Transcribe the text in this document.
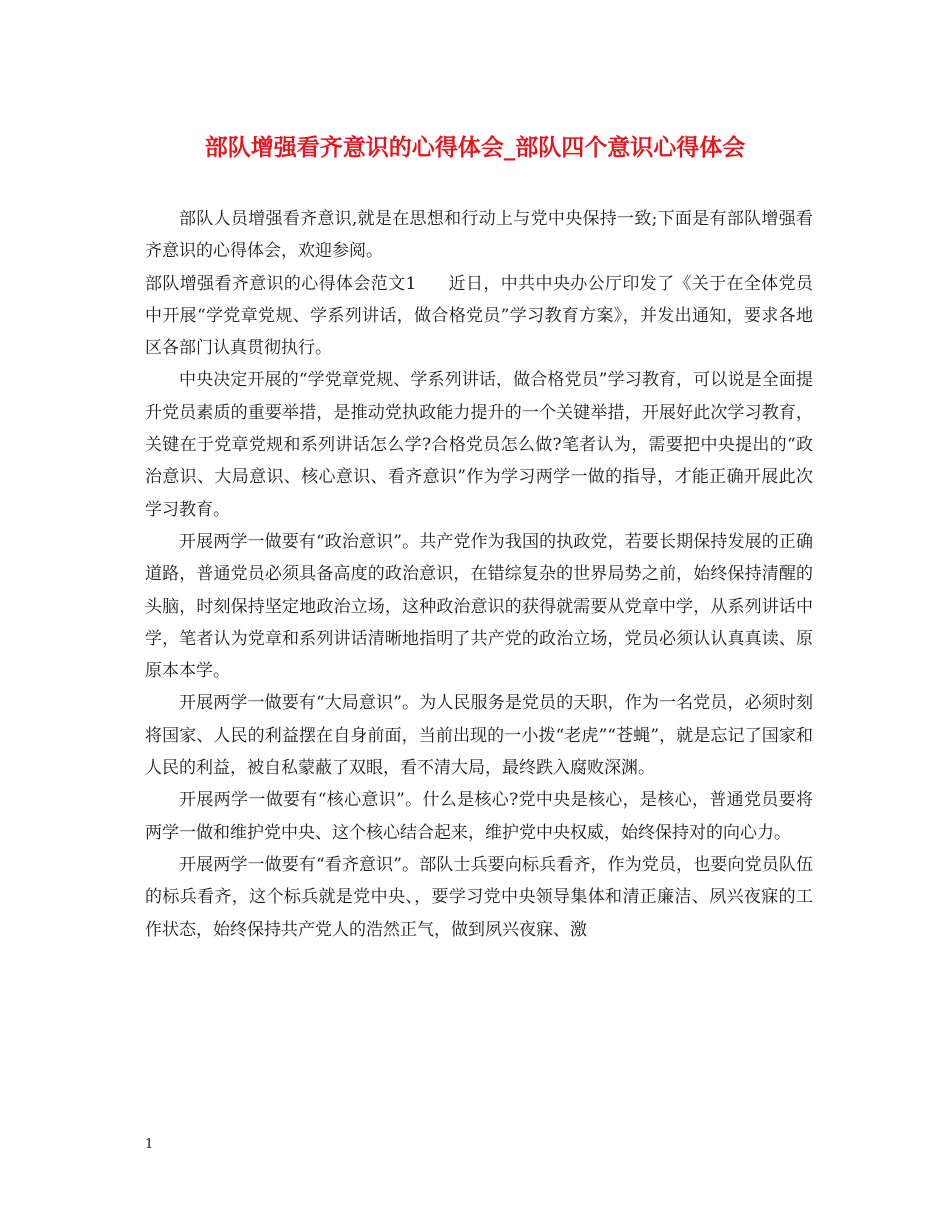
部队增强看齐意识的心得体会_部队四个意识心得体会

部队人员增强看齐意识,就是在思想和行动上与党中央保持一致;下面是有部队增强看齐意识的心得体会，欢迎参阅。

部队增强看齐意识的心得体会范文1 近日，中共中央办公厅印发了《关于在全体党员中开展“学党章党规、学系列讲话，做合格党员”学习教育方案》，并发出通知，要求各地区各部门认真贯彻执行。

中央决定开展的“学党章党规、学系列讲话，做合格党员”学习教育，可以说是全面提升党员素质的重要举措，是推动党执政能力提升的一个关键举措，开展好此次学习教育，关键在于党章党规和系列讲话怎么学?合格党员怎么做?笔者认为，需要把中央提出的“政治意识、大局意识、核心意识、看齐意识”作为学习两学一做的指导，才能正确开展此次学习教育。

开展两学一做要有“政治意识”。共产党作为我国的执政党，若要长期保持发展的正确道路，普通党员必须具备高度的政治意识，在错综复杂的世界局势之前，始终保持清醒的头脑，时刻保持坚定地政治立场，这种政治意识的获得就需要从党章中学，从系列讲话中学，笔者认为党章和系列讲话清晰地指明了共产党的政治立场，党员必须认认真真读、原原本本学。

开展两学一做要有“大局意识”。为人民服务是党员的天职，作为一名党员，必须时刻将国家、人民的利益摆在自身前面，当前出现的一小拨“老虎”“苍蝇”，就是忘记了国家和人民的利益，被自私蒙蔽了双眼，看不清大局，最终跌入腐败深渊。

开展两学一做要有“核心意识”。什么是核心?党中央是核心，是核心，普通党员要将两学一做和维护党中央、这个核心结合起来，维护党中央权威，始终保持对的向心力。

开展两学一做要有“看齐意识”。部队士兵要向标兵看齐，作为党员，也要向党员队伍的标兵看齐，这个标兵就是党中央、，要学习党中央领导集体和清正廉洁、夙兴夜寐的工作状态，始终保持共产党人的浩然正气，做到夙兴夜寐、激

1
